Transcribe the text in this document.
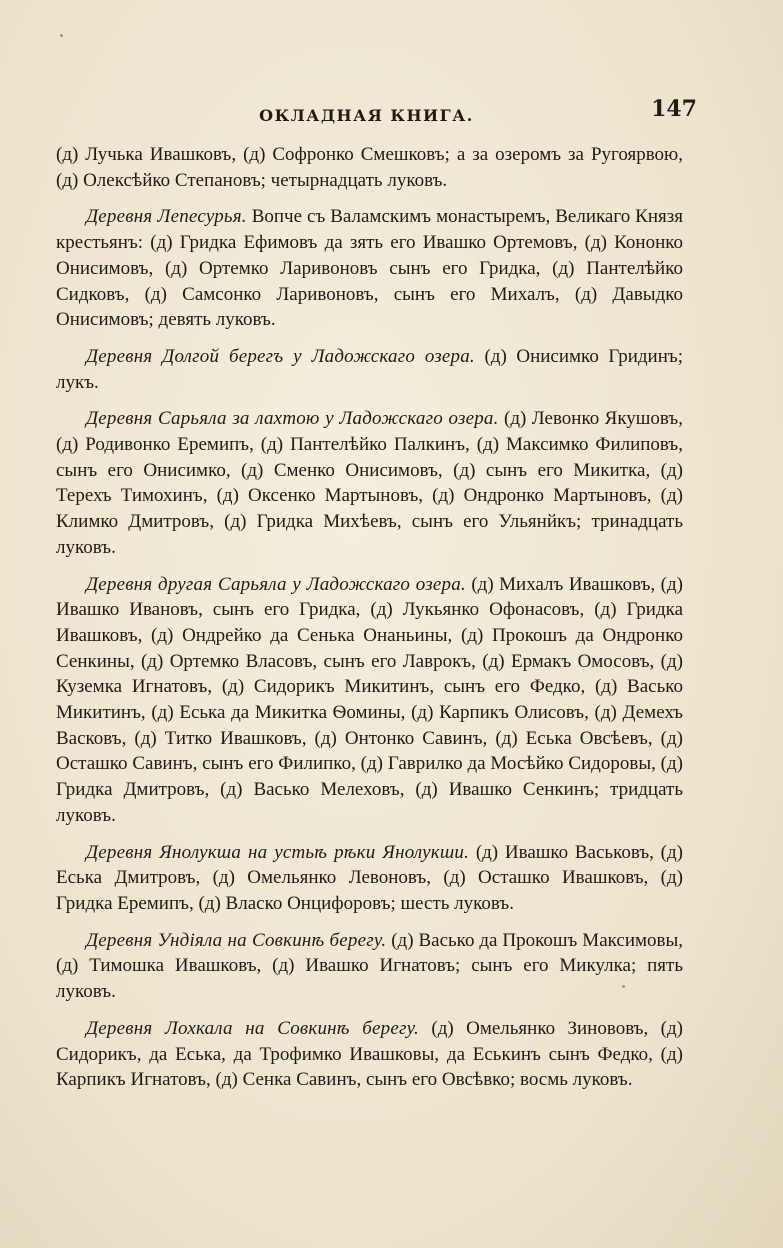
ОКЛАДНАЯ КНИГА.	147

(д) Лучька Ивашковъ, (д) Софронко Смешковъ; а за озеромъ за Ругоярвою, (д) Олексѣйко Степановъ; четырнадцать луковъ.

Деревня Лепесурья. Вопче съ Валамскимъ монастыремъ, Великаго Князя крестьянъ: (д) Гридка Ефимовъ да зять его Ивашко Ортемовъ, (д) Кононко Онисимовъ, (д) Ортемко Ларивоновъ сынъ его Гридка, (д) Пантелѣйко Сидковъ, (д) Самсонко Ларивоновъ, сынъ его Михалъ, (д) Давыдко Онисимовъ; девять луковъ.

Деревня Долгой берегъ у Ладожскаго озера. (д) Онисимко Гридинъ; лукъ.

Деревня Сарьяла за лахтою у Ладожскаго озера. (д) Левонко Якушовъ, (д) Родивонко Еремипъ, (д) Пантелѣйко Палкинъ, (д) Максимко Филиповъ, сынъ его Онисимко, (д) Сменко Онисимовъ, (д) сынъ его Микитка, (д) Терехъ Тимохинъ, (д) Оксенко Мартыновъ, (д) Ондронко Мартыновъ, (д) Климко Дмитровъ, (д) Гридка Михѣевъ, сынъ его Ульянйкъ; тринадцать луковъ.

Деревня другая Сарьяла у Ладожскаго озера. (д) Михалъ Ивашковъ, (д) Ивашко Ивановъ, сынъ его Гридка, (д) Лукьянко Офонасовъ, (д) Гридка Ивашковъ, (д) Ондрейко да Сенька Онаньины, (д) Прокошъ да Ондронко Сенкины, (д) Ортемко Власовъ, сынъ его Лаврокъ, (д) Ермакъ Омосовъ, (д) Куземка Игнатовъ, (д) Сидорикъ Микитинъ, сынъ его Федко, (д) Васько Микитинъ, (д) Еська да Микитка Ѳомины, (д) Карпикъ Олисовъ, (д) Демехъ Васковъ, (д) Титко Ивашковъ, (д) Онтонко Савинъ, (д) Еська Овсѣевъ, (д) Осташко Савинъ, сынъ его Филипко, (д) Гаврилко да Мосѣйко Сидоровы, (д) Гридка Дмитровъ, (д) Васько Мелеховъ, (д) Ивашко Сенкинъ; тридцать луковъ.

Деревня Янолукша на устьѣ рѣки Янолукши. (д) Ивашко Васьковъ, (д) Еська Дмитровъ, (д) Омельянко Левоновъ, (д) Осташко Ивашковъ, (д) Гридка Еремипъ, (д) Власко Онцифоровъ; шесть луковъ.

Деревня Ундіяла на Совкинѣ берегу. (д) Васько да Прокошъ Максимовы, (д) Тимошка Ивашковъ, (д) Ивашко Игнатовъ; сынъ его Микулка; пять луковъ.

Деревня Лохкала на Совкинѣ берегу. (д) Омельянко Зинововъ, (д) Сидорикъ, да Еська, да Трофимко Ивашковы, да Еськинъ сынъ Федко, (д) Карпикъ Игнатовъ, (д) Сенка Савинъ, сынъ его Овсѣвко; восмь луковъ.
